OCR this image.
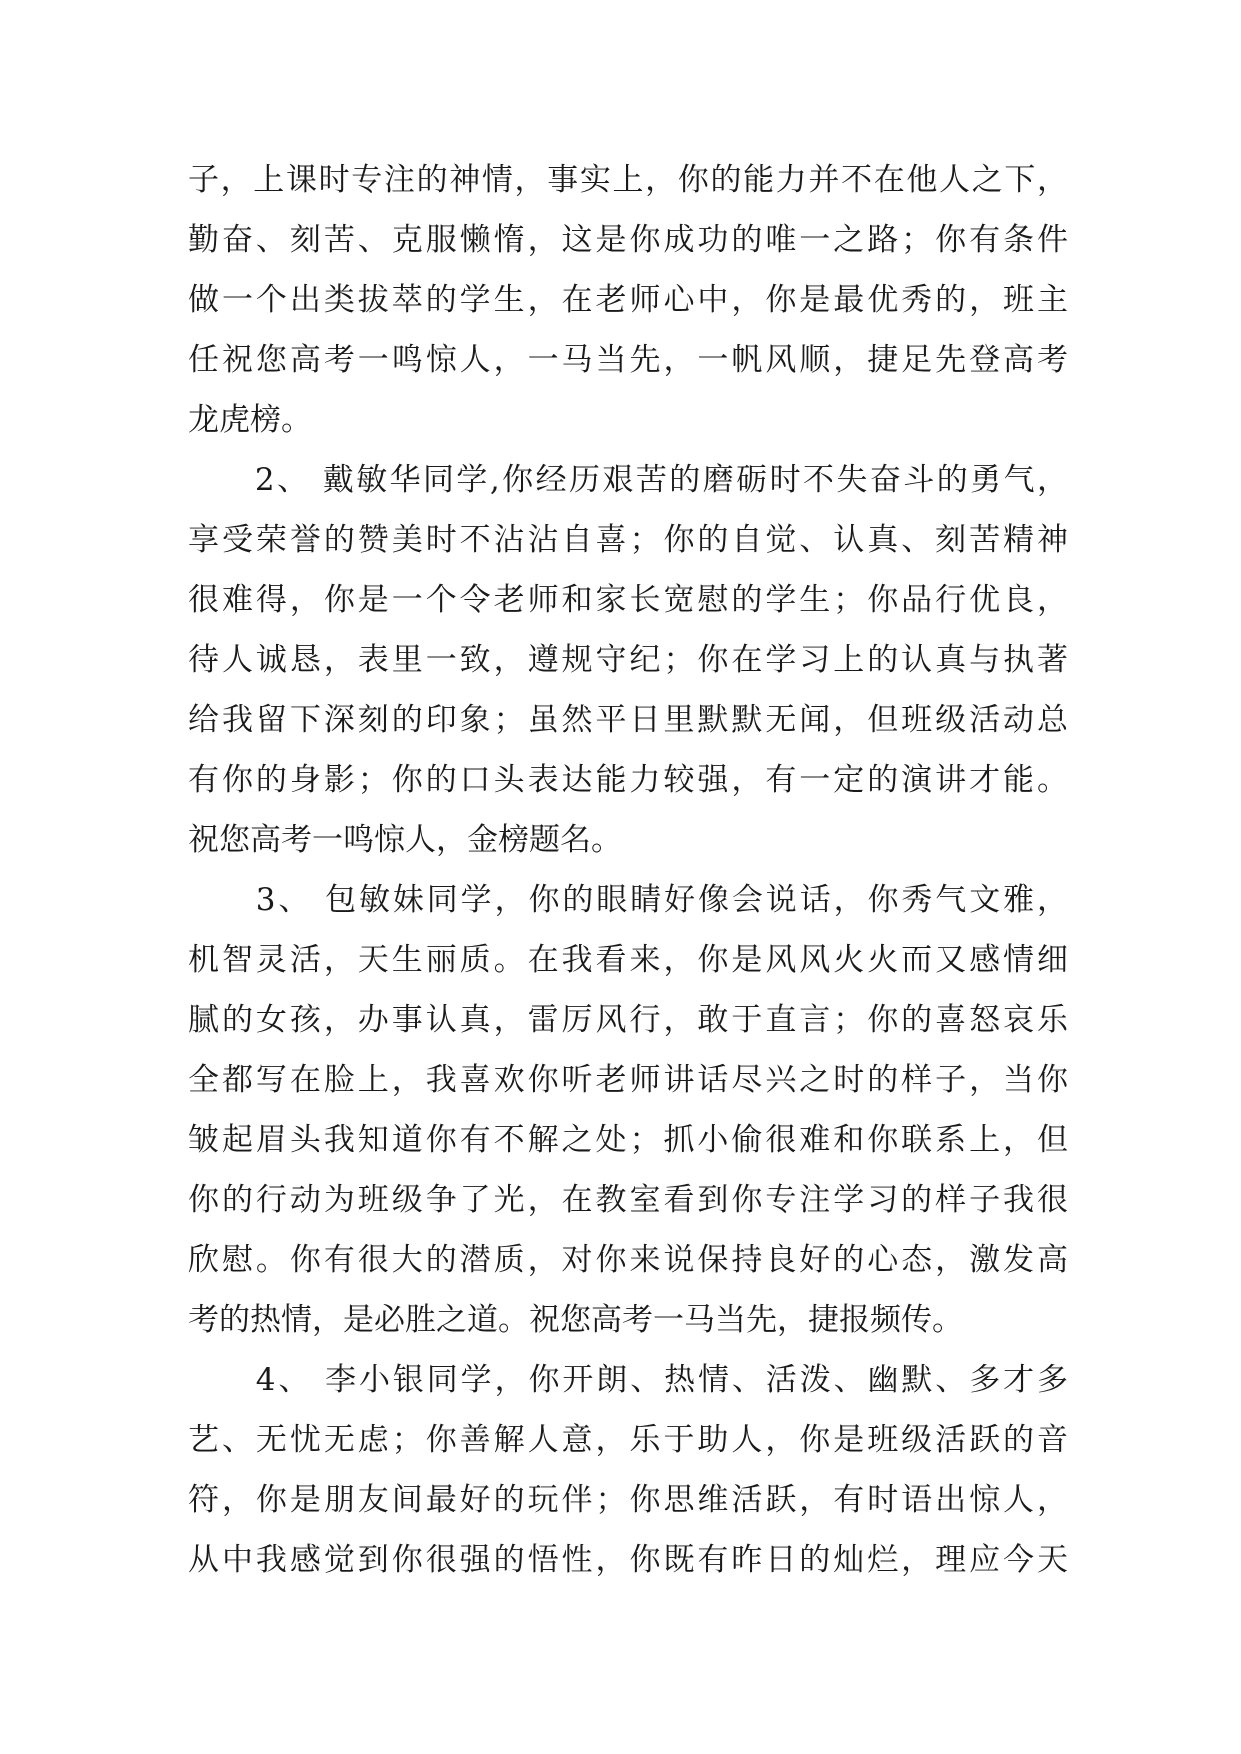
子，上课时专注的神情，事实上，你的能力并不在他人之下，
勤奋、刻苦、克服懒惰，这是你成功的唯一之路；你有条件
做一个出类拔萃的学生，在老师心中，你是最优秀的，班主
任祝您高考一鸣惊人，一马当先，一帆风顺，捷足先登高考
龙虎榜。
　　2、 戴敏华同学,你经历艰苦的磨砺时不失奋斗的勇气，
享受荣誉的赞美时不沾沾自喜；你的自觉、认真、刻苦精神
很难得，你是一个令老师和家长宽慰的学生；你品行优良，
待人诚恳，表里一致，遵规守纪；你在学习上的认真与执著
给我留下深刻的印象；虽然平日里默默无闻，但班级活动总
有你的身影；你的口头表达能力较强，有一定的演讲才能。
祝您高考一鸣惊人，金榜题名。
　　3、 包敏妹同学，你的眼睛好像会说话，你秀气文雅，
机智灵活，天生丽质。在我看来，你是风风火火而又感情细
腻的女孩，办事认真，雷厉风行，敢于直言；你的喜怒哀乐
全都写在脸上，我喜欢你听老师讲话尽兴之时的样子，当你
皱起眉头我知道你有不解之处；抓小偷很难和你联系上，但
你的行动为班级争了光，在教室看到你专注学习的样子我很
欣慰。你有很大的潜质，对你来说保持良好的心态，激发高
考的热情，是必胜之道。祝您高考一马当先，捷报频传。
　　4、 李小银同学，你开朗、热情、活泼、幽默、多才多
艺、无忧无虑；你善解人意，乐于助人，你是班级活跃的音
符，你是朋友间最好的玩伴；你思维活跃，有时语出惊人，
从中我感觉到你很强的悟性，你既有昨日的灿烂，理应今天
